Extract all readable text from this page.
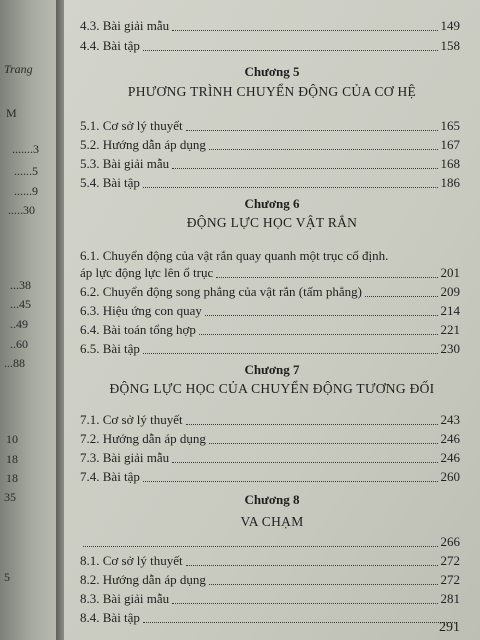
Trang
M
.......3
......5
......9
.....30
...38
...45
..49
..60
...88
10
18
18
35
5
4.3. Bài giải mẫu	149
4.4. Bài tập	158
Chương 5
PHƯƠNG TRÌNH CHUYỂN ĐỘNG CỦA CƠ HỆ
5.1. Cơ sở lý thuyết	165
5.2. Hướng dẫn áp dụng	167
5.3. Bài giải mẫu	168
5.4. Bài tập	186
Chương 6
ĐỘNG LỰC HỌC VẬT RẮN
6.1. Chuyển động của vật rắn quay quanh một trục cố định.
áp lực động lực lên ổ trục	201
6.2. Chuyển động song phẳng của vật rắn (tấm phẳng)	209
6.3. Hiệu ứng con quay	214
6.4. Bài toán tổng hợp	221
6.5. Bài tập	230
Chương 7
ĐỘNG LỰC HỌC CỦA CHUYỂN ĐỘNG TƯƠNG ĐỐI
7.1. Cơ sở lý thuyết	243
7.2. Hướng dẫn áp dụng	246
7.3. Bài giải mẫu	246
7.4. Bài tập	260
Chương 8
VA CHẠM
266
8.1. Cơ sở lý thuyết	272
8.2. Hướng dẫn áp dụng	272
8.3. Bài giải mẫu	281
8.4. Bài tập
291
